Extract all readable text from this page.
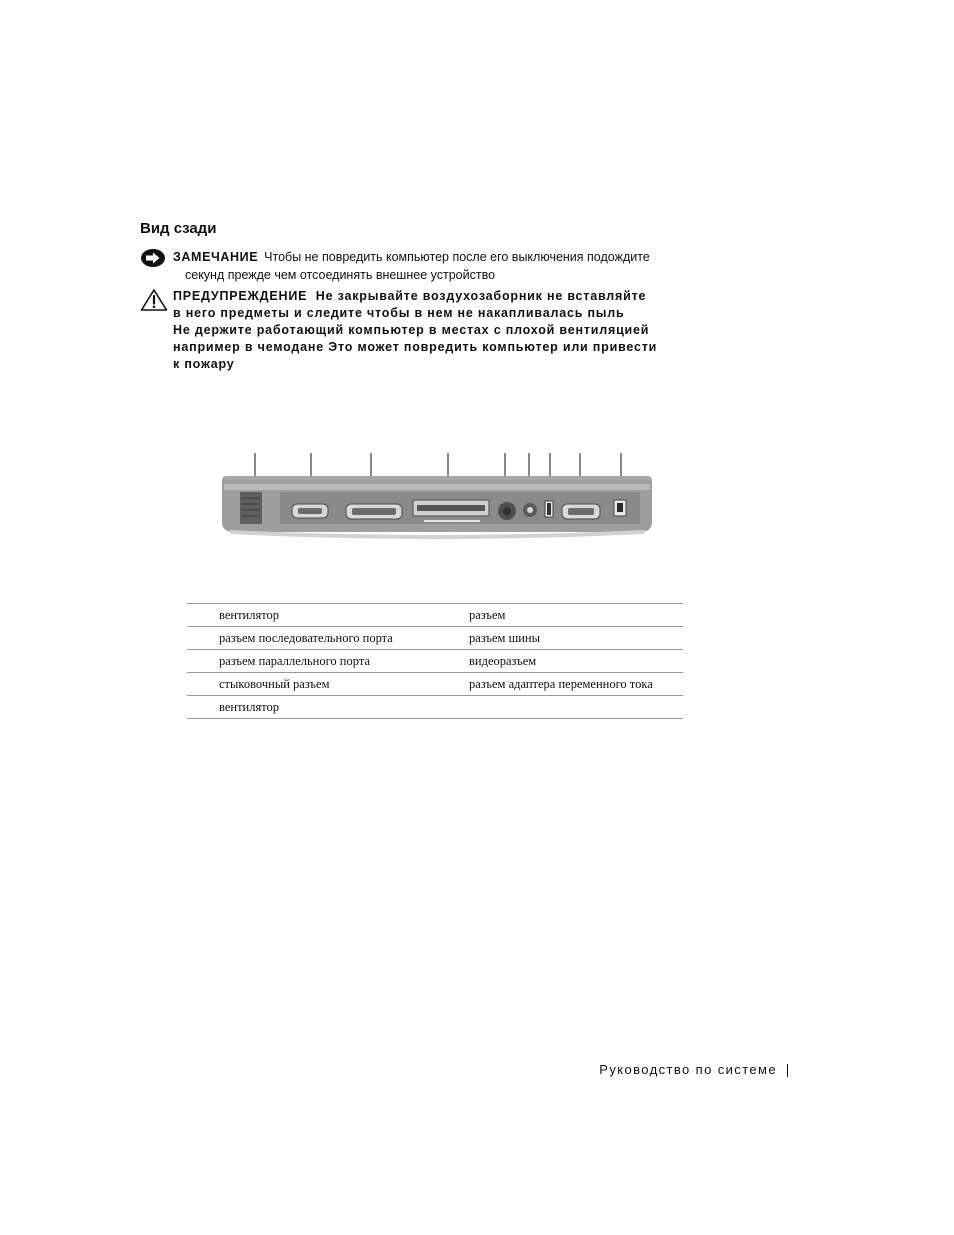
Вид сзади

ЗАМЕЧАНИЕ Чтобы не повредить компьютер после его выключения подождите
секунд прежде чем отсоединять внешнее устройство

ПРЕДУПРЕЖДЕНИЕ Не закрывайте воздухозаборник не вставляйте
в него предметы и следите чтобы в нем не накапливалась пыль
Не держите работающий компьютер в местах с плохой вентиляцией
например в чемодане Это может повредить компьютер или привести
к пожару

	вентилятор		разъем
	разъем последовательного порта		разъем шины
	разъем параллельного порта		видеоразъем
	стыковочный разъем		разъем адаптера переменного тока
	вентилятор		
Руководство по системе
